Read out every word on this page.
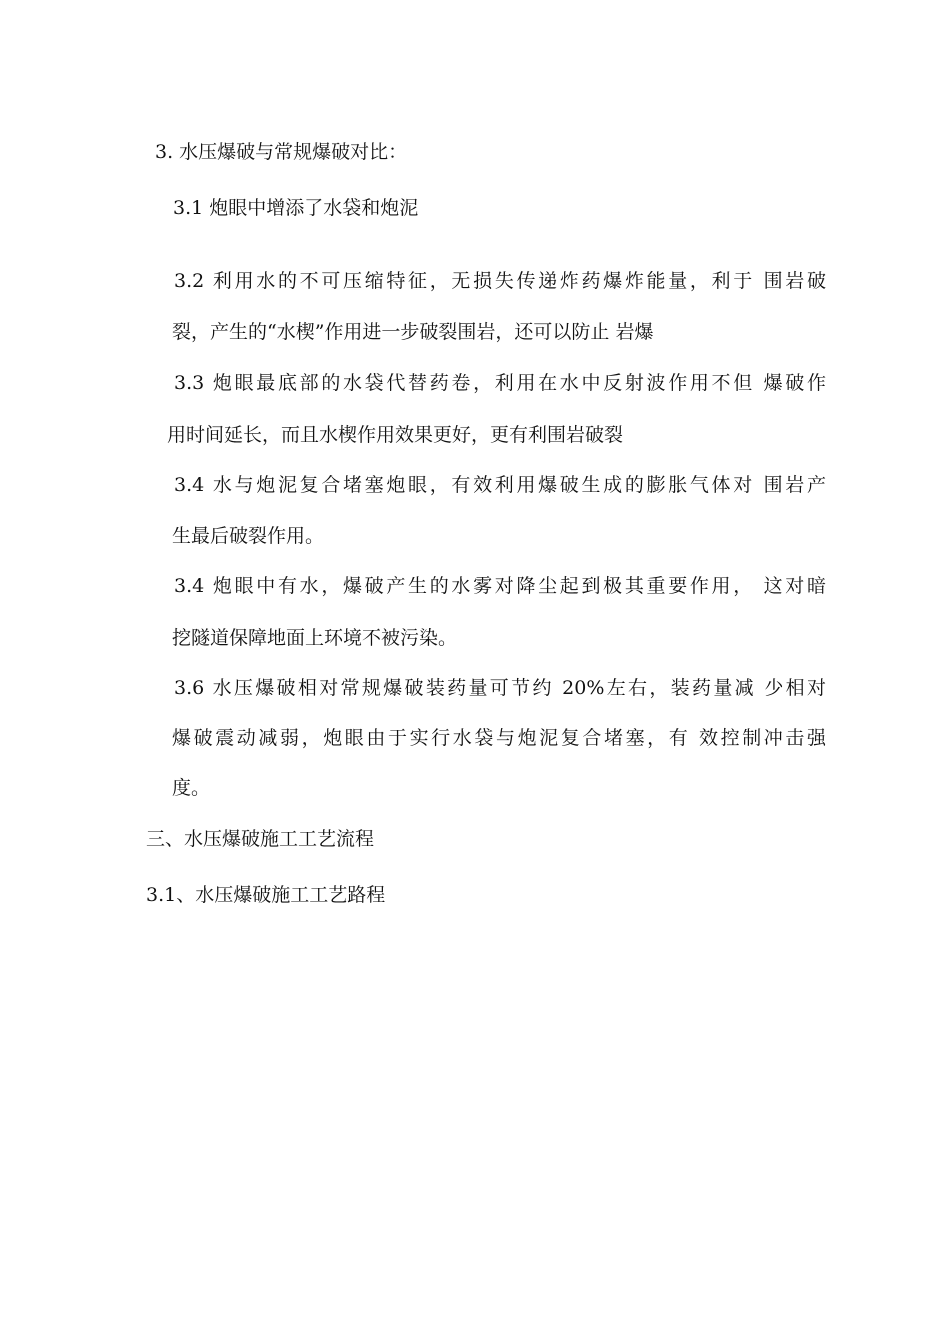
3. 水压爆破与常规爆破对比：
3.1 炮眼中增添了水袋和炮泥
3.2 利用水的不可压缩特征，无损失传递炸药爆炸能量，利于 围岩破
裂，产生的“水楔”作用进一步破裂围岩，还可以防止 岩爆
3.3 炮眼最底部的水袋代替药卷，利用在水中反射波作用不但 爆破作
用时间延长，而且水楔作用效果更好，更有利围岩破裂
3.4 水与炮泥复合堵塞炮眼，有效利用爆破生成的膨胀气体对 围岩产
生最后破裂作用。
3.4 炮眼中有水，爆破产生的水雾对降尘起到极其重要作用， 这对暗
挖隧道保障地面上环境不被污染。
3.6 水压爆破相对常规爆破装药量可节约 20%左右，装药量减 少相对
爆破震动减弱，炮眼由于实行水袋与炮泥复合堵塞，有 效控制冲击强
度。
三、水压爆破施工工艺流程
3.1、水压爆破施工工艺路程
